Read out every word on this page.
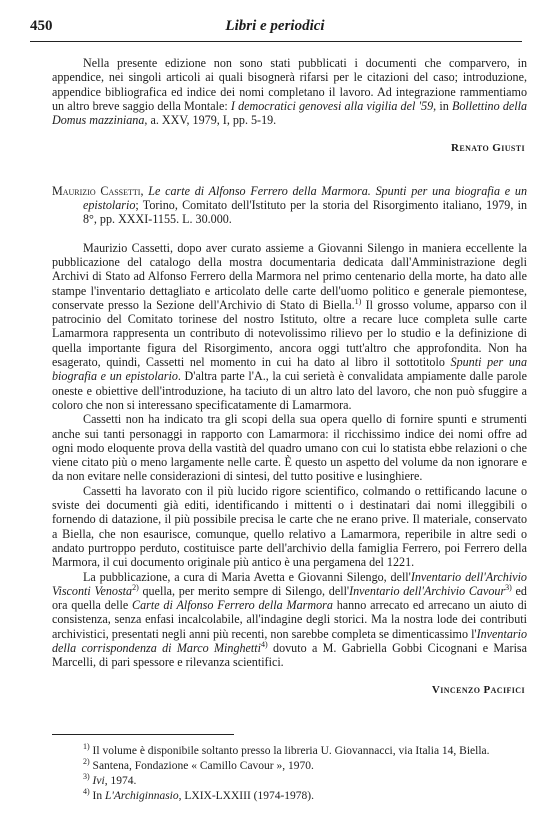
450	Libri e periodici

Nella presente edizione non sono stati pubblicati i documenti che comparvero, in appendice, nei singoli articoli ai quali bisognerà rifarsi per le citazioni del caso; introduzione, appendice bibliografica ed indice dei nomi completano il lavoro. Ad integrazione rammentiamo un altro breve saggio della Montale: I democratici genovesi alla vigilia del '59, in Bollettino della Domus mazziniana, a. XXV, 1979, I, pp. 5-19.

Renato Giusti

Maurizio Cassetti, Le carte di Alfonso Ferrero della Marmora. Spunti per una biografia e un epistolario; Torino, Comitato dell'Istituto per la storia del Risorgimento italiano, 1979, in 8°, pp. XXXI-1155. L. 30.000.

Maurizio Cassetti, dopo aver curato assieme a Giovanni Silengo in maniera eccellente la pubblicazione del catalogo della mostra documentaria dedicata dall'Amministrazione degli Archivi di Stato ad Alfonso Ferrero della Marmora nel primo centenario della morte, ha dato alle stampe l'inventario dettagliato e articolato delle carte dell'uomo politico e generale piemontese, conservate presso la Sezione dell'Archivio di Stato di Biella.$^{1)}$ Il grosso volume, apparso con il patrocinio del Comitato torinese del nostro Istituto, oltre a recare luce completa sulle carte Lamarmora rappresenta un contributo di notevolissimo rilievo per lo studio e la definizione di quella importante figura del Risorgimento, ancora oggi tutt'altro che approfondita. Non ha esagerato, quindi, Cassetti nel momento in cui ha dato al libro il sottotitolo Spunti per una biografia e un epistolario. D'altra parte l'A., la cui serietà è convalidata ampiamente dalle parole oneste e obiettive dell'introduzione, ha taciuto di un altro lato del lavoro, che non può sfuggire a coloro che non si interessano specificatamente di Lamarmora.

Cassetti non ha indicato tra gli scopi della sua opera quello di fornire spunti e strumenti anche sui tanti personaggi in rapporto con Lamarmora: il ricchissimo indice dei nomi offre ad ogni modo eloquente prova della vastità del quadro umano con cui lo statista ebbe relazioni o che viene citato più o meno largamente nelle carte. È questo un aspetto del volume da non ignorare e da non evitare nelle considerazioni di sintesi, del tutto positive e lusinghiere.

Cassetti ha lavorato con il più lucido rigore scientifico, colmando o rettificando lacune o sviste dei documenti già editi, identificando i mittenti o i destinatari dai nomi illeggibili o fornendo di datazione, il più possibile precisa le carte che ne erano prive. Il materiale, conservato a Biella, che non esaurisce, comunque, quello relativo a Lamarmora, reperibile in altre sedi o andato purtroppo perduto, costituisce parte dell'archivio della famiglia Ferrero, poi Ferrero della Marmora, il cui documento originale più antico è una pergamena del 1221.

La pubblicazione, a cura di Maria Avetta e Giovanni Silengo, dell'Inventario dell'Archivio Visconti Venosta$^{2)}$ quella, per merito sempre di Silengo, dell'Inventario dell'Archivio Cavour$^{3)}$ ed ora quella delle Carte di Alfonso Ferrero della Marmora hanno arrecato ed arrecano un aiuto di consistenza, senza enfasi incalcolabile, all'indagine degli storici. Ma la nostra lode dei contributi archivistici, presentati negli anni più recenti, non sarebbe completa se dimenticassimo l'Inventario della corrispondenza di Marco Minghetti$^{4)}$ dovuto a M. Gabriella Gobbi Cicognani e Marisa Marcelli, di pari spessore e rilevanza scientifici.

Vincenzo Pacifici

$^{1)}$ Il volume è disponibile soltanto presso la libreria U. Giovannacci, via Italia 14, Biella.

$^{2)}$ Santena, Fondazione « Camillo Cavour », 1970.

$^{3)}$ Ivi, 1974.

$^{4)}$ In L'Archiginnasio, LXIX-LXXIII (1974-1978).
